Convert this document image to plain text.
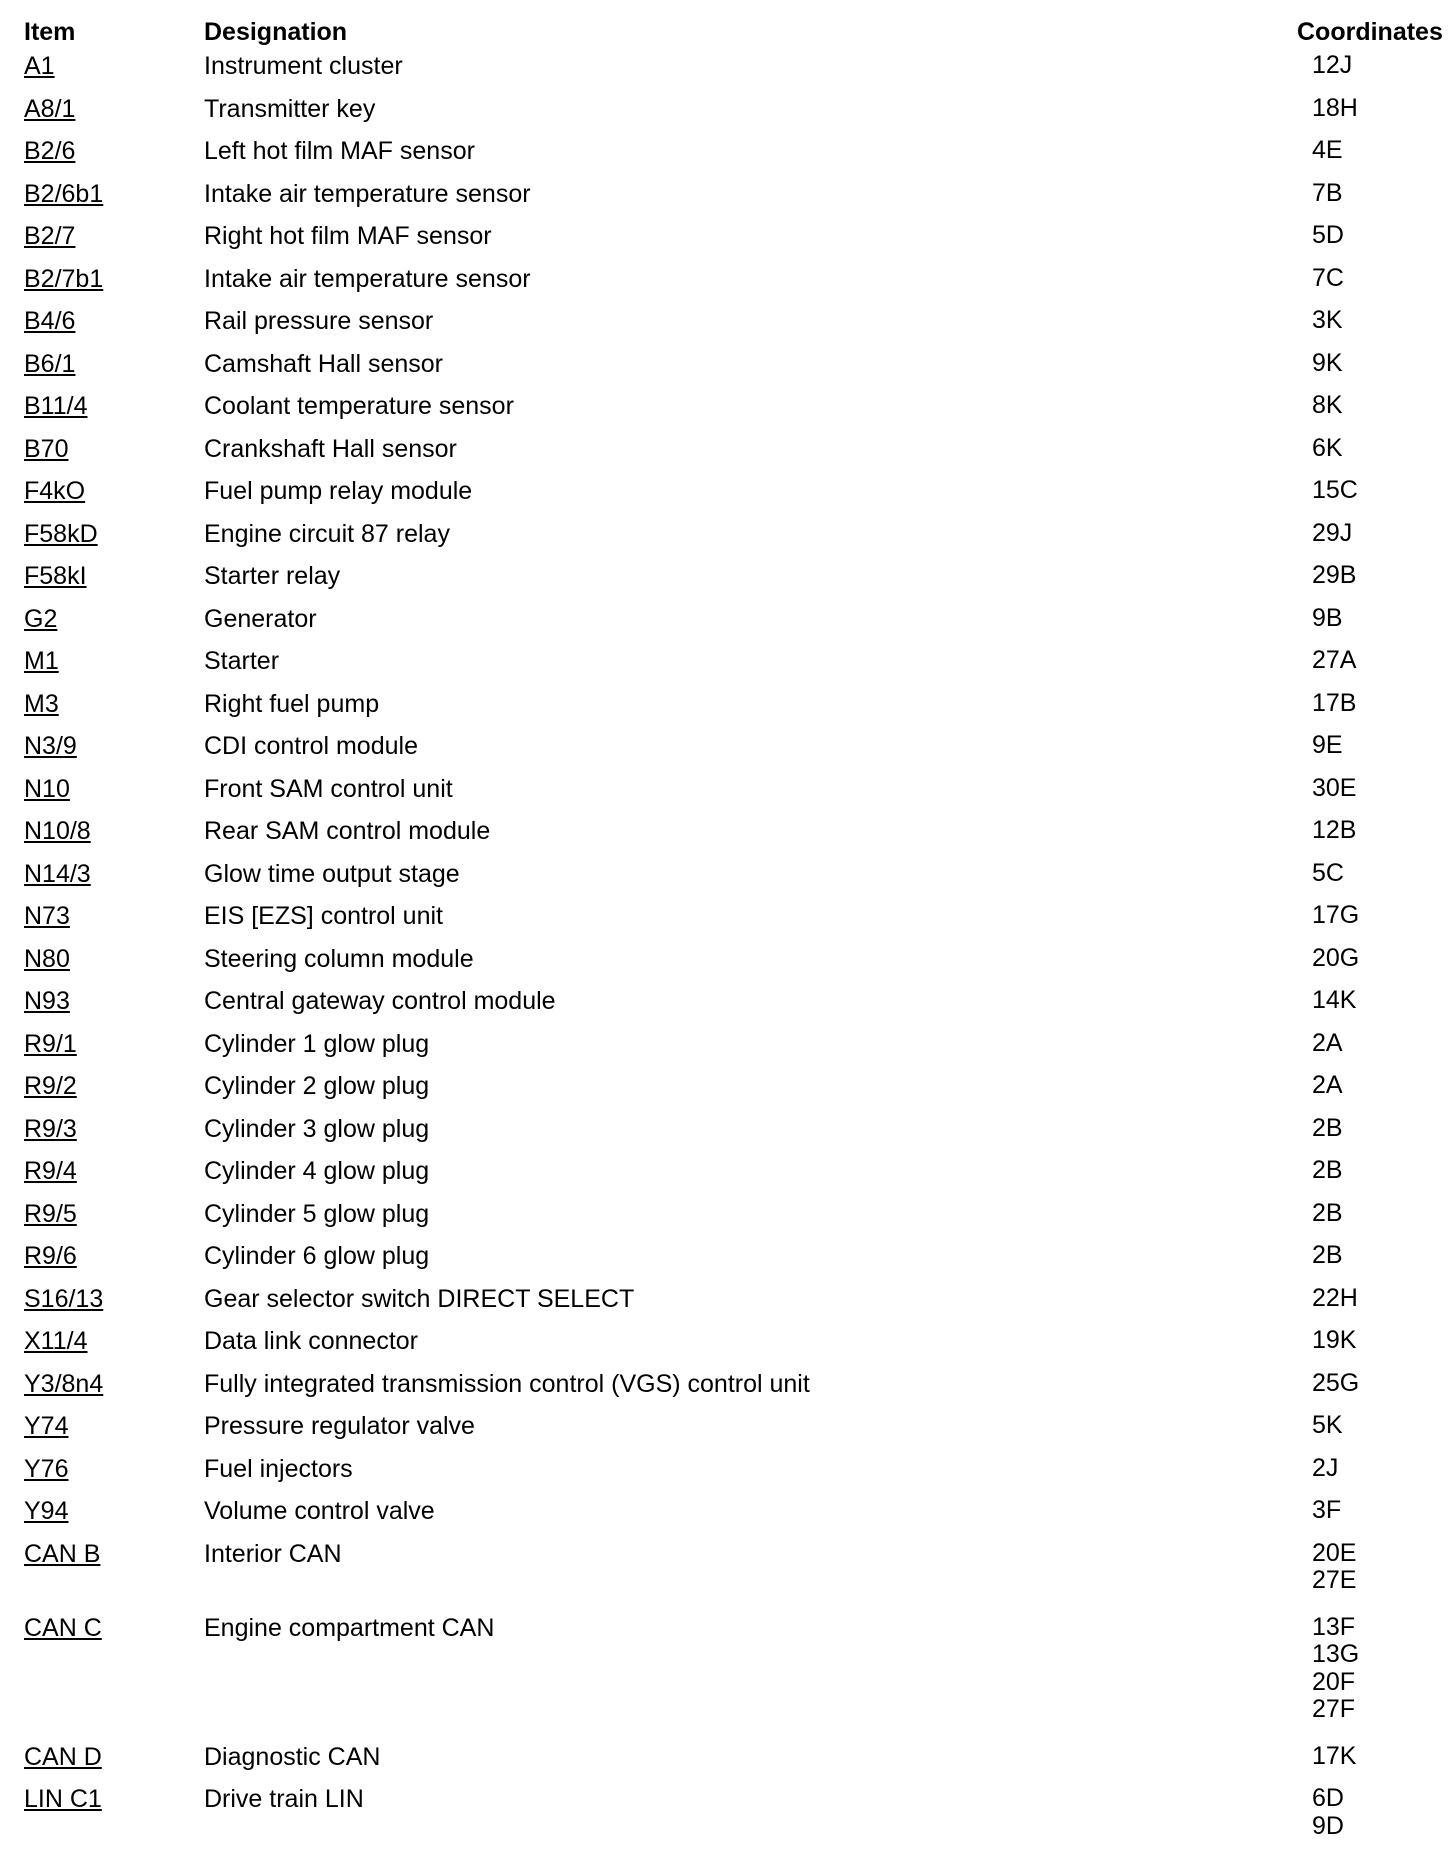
Item	Designation	Coordinates
A1	Instrument cluster	12J
A8/1	Transmitter key	18H
B2/6	Left hot film MAF sensor	4E
B2/6b1	Intake air temperature sensor	7B
B2/7	Right hot film MAF sensor	5D
B2/7b1	Intake air temperature sensor	7C
B4/6	Rail pressure sensor	3K
B6/1	Camshaft Hall sensor	9K
B11/4	Coolant temperature sensor	8K
B70	Crankshaft Hall sensor	6K
F4kO	Fuel pump relay module	15C
F58kD	Engine circuit 87 relay	29J
F58kI	Starter relay	29B
G2	Generator	9B
M1	Starter	27A
M3	Right fuel pump	17B
N3/9	CDI control module	9E
N10	Front SAM control unit	30E
N10/8	Rear SAM control module	12B
N14/3	Glow time output stage	5C
N73	EIS [EZS] control unit	17G
N80	Steering column module	20G
N93	Central gateway control module	14K
R9/1	Cylinder 1 glow plug	2A
R9/2	Cylinder 2 glow plug	2A
R9/3	Cylinder 3 glow plug	2B
R9/4	Cylinder 4 glow plug	2B
R9/5	Cylinder 5 glow plug	2B
R9/6	Cylinder 6 glow plug	2B
S16/13	Gear selector switch DIRECT SELECT	22H
X11/4	Data link connector	19K
Y3/8n4	Fully integrated transmission control (VGS) control unit	25G
Y74	Pressure regulator valve	5K
Y76	Fuel injectors	2J
Y94	Volume control valve	3F
CAN B	Interior CAN	20E
27E
CAN C	Engine compartment CAN	13F
13G
20F
27F
CAN D	Diagnostic CAN	17K
LIN C1	Drive train LIN	6D
9D
